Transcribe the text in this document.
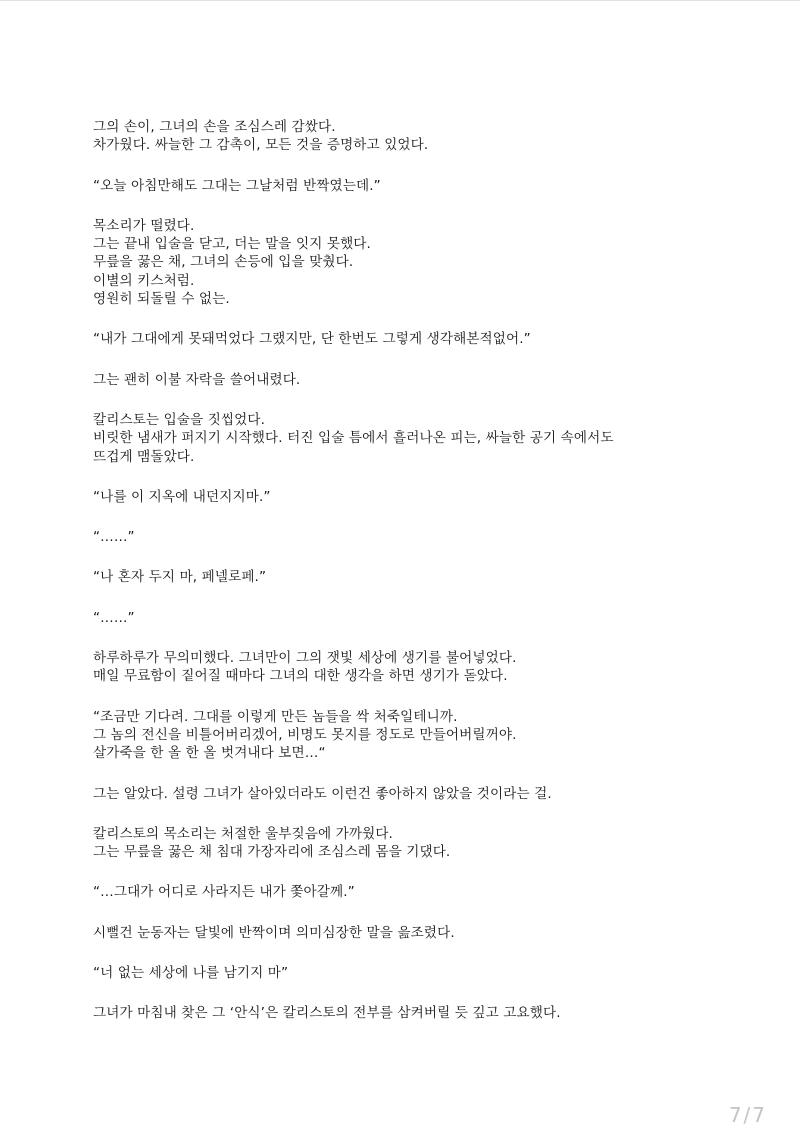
그의 손이, 그녀의 손을 조심스레 감쌌다.
차가웠다. 싸늘한 그 감촉이, 모든 것을 증명하고 있었다.
“오늘 아침만해도 그대는 그날처럼 반짝였는데.”
목소리가 떨렸다.
그는 끝내 입술을 닫고, 더는 말을 잇지 못했다.
무릎을 꿇은 채, 그녀의 손등에 입을 맞췄다.
이별의 키스처럼.
영원히 되돌릴 수 없는.
“내가 그대에게 못돼먹었다 그랬지만, 단 한번도 그렇게 생각해본적없어.”
그는 괜히 이불 자락을 쓸어내렸다.
칼리스토는 입술을 짓씹었다.
비릿한 냄새가 퍼지기 시작했다. 터진 입술 틈에서 흘러나온 피는, 싸늘한 공기 속에서도
뜨겁게 맴돌았다.
“나를 이 지옥에 내던지지마.”
“……”
“나 혼자 두지 마, 페넬로페.”
“……”
하루하루가 무의미했다. 그녀만이 그의 잿빛 세상에 생기를 불어넣었다.
매일 무료함이 짙어질 때마다 그녀의 대한 생각을 하면 생기가 돋았다.
“조금만 기다려. 그대를 이렇게 만든 놈들을 싹 처죽일테니까.
그 놈의 전신을 비틀어버리겠어, 비명도 못지를 정도로 만들어버릴꺼야.
살가죽을 한 올 한 올 벗겨내다 보면…“
그는 알았다. 설령 그녀가 살아있더라도 이런건 좋아하지 않았을 것이라는 걸.
칼리스토의 목소리는 처절한 울부짖음에 가까웠다.
그는 무릎을 꿇은 채 침대 가장자리에 조심스레 몸을 기댔다.
“…그대가 어디로 사라지든 내가 쫓아갈께.”
시뻘건 눈동자는 달빛에 반짝이며 의미심장한 말을 읊조렸다.
“너 없는 세상에 나를 남기지 마”
그녀가 마침내 찾은 그 ‘안식’은 칼리스토의 전부를 삼켜버릴 듯 깊고 고요했다.
7/7
